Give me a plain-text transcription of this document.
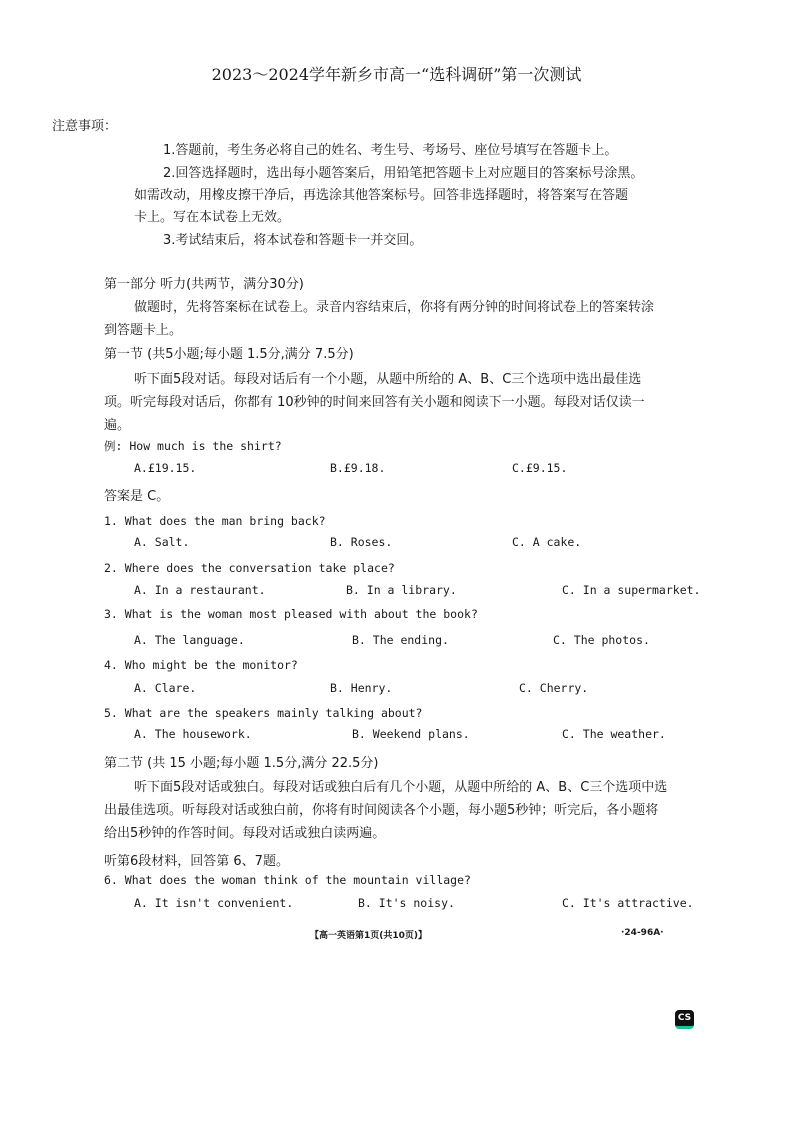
2023～2024学年新乡市高一“选科调研”第一次测试
注意事项：
1.答题前，考生务必将自己的姓名、考生号、考场号、座位号填写在答题卡上。
2.回答选择题时，选出每小题答案后，用铅笔把答题卡上对应题目的答案标号涂黑。
如需改动，用橡皮擦干净后，再选涂其他答案标号。回答非选择题时，将答案写在答题
卡上。写在本试卷上无效。
3.考试结束后，将本试卷和答题卡一并交回。
第一部分 听力(共两节，满分30分)
做题时，先将答案标在试卷上。录音内容结束后，你将有两分钟的时间将试卷上的答案转涂
到答题卡上。
第一节 (共5小题;每小题 1.5分,满分 7.5分)
听下面5段对话。每段对话后有一个小题，从题中所给的 A、B、C三个选项中选出最佳选
项。听完每段对话后，你都有 10秒钟的时间来回答有关小题和阅读下一小题。每段对话仅读一
遍。
例: How much is the shirt?
A.£19.15.	B.£9.18.	C.£9.15.
答案是 C。
1. What does the man bring back?
A. Salt.	B. Roses.	C. A cake.
2. Where does the conversation take place?
A. In a restaurant.	B. In a library.	C. In a supermarket.
3. What is the woman most pleased with about the book?
A. The language.	B. The ending.	C. The photos.
4. Who might be the monitor?
A. Clare.	B. Henry.	C. Cherry.
5. What are the speakers mainly talking about?
A. The housework.	B. Weekend plans.	C. The weather.
第二节 (共 15 小题;每小题 1.5分,满分 22.5分)
听下面5段对话或独白。每段对话或独白后有几个小题，从题中所给的 A、B、C三个选项中选
出最佳选项。听每段对话或独白前，你将有时间阅读各个小题，每小题5秒钟；听完后，各小题将
给出5秒钟的作答时间。每段对话或独白读两遍。
听第6段材料，回答第 6、7题。
6. What does the woman think of the mountain village?
A. It isn't convenient.	B. It's noisy.	C. It's attractive.
【高一英语第1页(共10页)】	·24-96A·
CS
